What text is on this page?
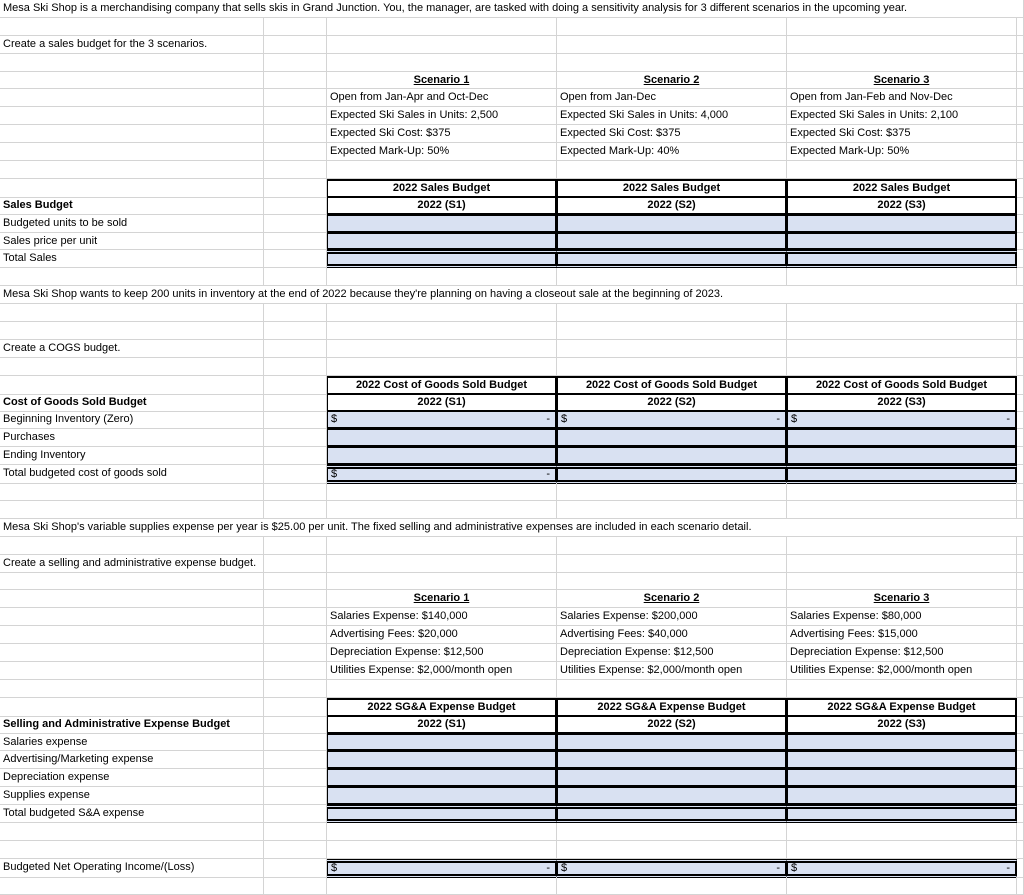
Mesa Ski Shop is a merchandising company that sells skis in Grand Junction. You, the manager, are tasked with doing a sensitivity analysis for 3 different scenarios in the upcoming year.
Create a sales budget for the 3 scenarios.
Scenario 1	Scenario 2	Scenario 3
Open from Jan-Apr and Oct-Dec	Open from Jan-Dec	Open from Jan-Feb and Nov-Dec
Expected Ski Sales in Units: 2,500	Expected Ski Sales in Units: 4,000	Expected Ski Sales in Units: 2,100
Expected Ski Cost: $375	Expected Ski Cost: $375	Expected Ski Cost: $375
Expected Mark-Up: 50%	Expected Mark-Up: 40%	Expected Mark-Up: 50%
2022 Sales Budget	2022 Sales Budget	2022 Sales Budget
Sales Budget	2022 (S1)	2022 (S2)	2022 (S3)
Budgeted units to be sold
Sales price per unit
Total Sales
Mesa Ski Shop wants to keep 200 units in inventory at the end of 2022 because they're planning on having a closeout sale at the beginning of 2023.
Create a COGS budget.
2022 Cost of Goods Sold Budget	2022 Cost of Goods Sold Budget	2022 Cost of Goods Sold Budget
Cost of Goods Sold Budget	2022 (S1)	2022 (S2)	2022 (S3)
Beginning Inventory (Zero)	$	- $	- $	-
Purchases
Ending Inventory
Total budgeted cost of goods sold	$	-
Mesa Ski Shop's variable supplies expense per year is $25.00 per unit. The fixed selling and administrative expenses are included in each scenario detail.
Create a selling and administrative expense budget.
Scenario 1	Scenario 2	Scenario 3
Salaries Expense: $140,000	Salaries Expense: $200,000	Salaries Expense: $80,000
Advertising Fees: $20,000	Advertising Fees: $40,000	Advertising Fees: $15,000
Depreciation Expense: $12,500	Depreciation Expense: $12,500	Depreciation Expense: $12,500
Utilities Expense: $2,000/month open	Utilities Expense: $2,000/month open	Utilities Expense: $2,000/month open
2022 SG&A Expense Budget	2022 SG&A Expense Budget	2022 SG&A Expense Budget
Selling and Administrative Expense Budget	2022 (S1)	2022 (S2)	2022 (S3)
Salaries expense
Advertising/Marketing expense
Depreciation expense
Supplies expense
Total budgeted S&A expense
Budgeted Net Operating Income/(Loss)	$	- $	- $	-
